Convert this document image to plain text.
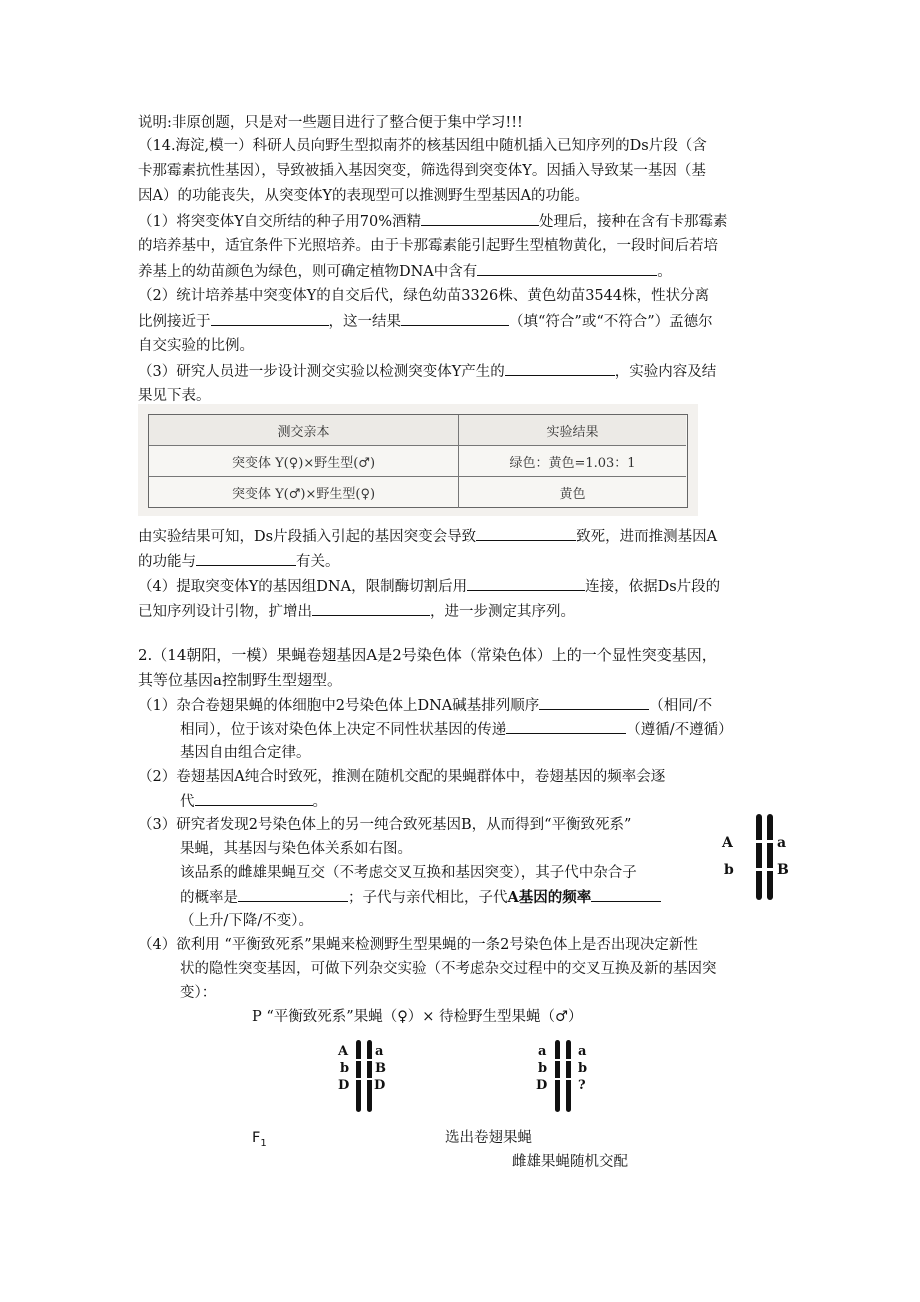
说明:非原创题，只是对一些题目进行了整合便于集中学习!!!
（14.海淀,模一）科研人员向野生型拟南芥的核基因组中随机插入已知序列的Ds片段（含
卡那霉素抗性基因），导致被插入基因突变，筛选得到突变体Y。因插入导致某一基因（基
因A）的功能丧失，从突变体Y的表现型可以推测野生型基因A的功能。
（1）将突变体Y自交所结的种子用70%酒精	处理后，接种在含有卡那霉素
的培养基中，适宜条件下光照培养。由于卡那霉素能引起野生型植物黄化，一段时间后若培
养基上的幼苗颜色为绿色，则可确定植物DNA中含有	。
（2）统计培养基中突变体Y的自交后代，绿色幼苗3326株、黄色幼苗3544株，性状分离
比例接近于	，这一结果	（填“符合”或“不符合”）孟德尔
自交实验的比例。
（3）研究人员进一步设计测交实验以检测突变体Y产生的	，实验内容及结
果见下表。
测交亲本	实验结果
突变体 Y(♀)×野生型(♂)	绿色：黄色=1.03：1
突变体 Y(♂)×野生型(♀)	黄色
由实验结果可知，Ds片段插入引起的基因突变会导致	致死，进而推测基因A
的功能与	有关。
（4）提取突变体Y的基因组DNA，限制酶切割后用	连接，依据Ds片段的
已知序列设计引物，扩增出	，进一步测定其序列。
2.（14朝阳，一模）果蝇卷翅基因A是2号染色体（常染色体）上的一个显性突变基因，
其等位基因a控制野生型翅型。
（1）杂合卷翅果蝇的体细胞中2号染色体上DNA碱基排列顺序	（相同/不
相同），位于该对染色体上决定不同性状基因的传递	（遵循/不遵循）
基因自由组合定律。
（2）卷翅基因A纯合时致死，推测在随机交配的果蝇群体中，卷翅基因的频率会逐
代	。
（3）研究者发现2号染色体上的另一纯合致死基因B，从而得到“平衡致死系”
果蝇，其基因与染色体关系如右图。
该品系的雌雄果蝇互交（不考虑交叉互换和基因突变），其子代中杂合子
的概率是	；子代与亲代相比，子代A基因的频率
（上升/下降/不变）。
A
b
a
B
（4）欲利用 “平衡致死系”果蝇来检测野生型果蝇的一条2号染色体上是否出现决定新性
状的隐性突变基因，可做下列杂交实验（不考虑杂交过程中的交叉互换及新的基因突
变）：
P “平衡致死系”果蝇（♀）× 待检野生型果蝇（♂）
A
b
D
a
B
D
a
b
D
a
b
?
$F_1$	选出卷翅果蝇
雌雄果蝇随机交配
